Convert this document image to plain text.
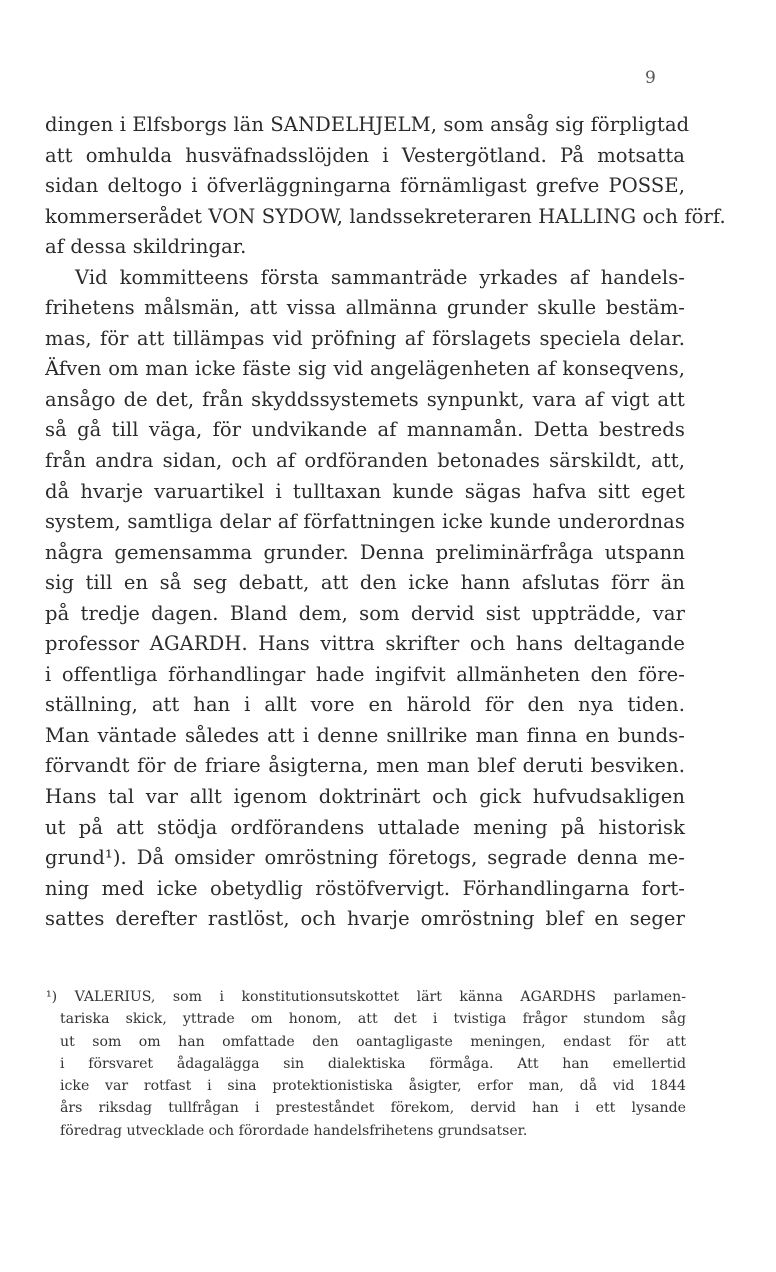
9
dingen i Elfsborgs län SANDELHJELM, som ansåg sig förpligtad
att omhulda husväfnadsslöjden i Vestergötland. På motsatta
sidan deltogo i öfverläggningarna förnämligast grefve POSSE,
kommerserådet VON SYDOW, landssekreteraren HALLING och förf.
af dessa skildringar.
Vid kommitteens första sammanträde yrkades af handels-
frihetens målsmän, att vissa allmänna grunder skulle bestäm-
mas, för att tillämpas vid pröfning af förslagets speciela delar.
Äfven om man icke fäste sig vid angelägenheten af konseqvens,
ansågo de det, från skyddssystemets synpunkt, vara af vigt att
så gå till väga, för undvikande af mannamån. Detta bestreds
från andra sidan, och af ordföranden betonades särskildt, att,
då hvarje varuartikel i tulltaxan kunde sägas hafva sitt eget
system, samtliga delar af författningen icke kunde underordnas
några gemensamma grunder. Denna preliminärfråga utspann
sig till en så seg debatt, att den icke hann afslutas förr än
på tredje dagen. Bland dem, som dervid sist uppträdde, var
professor AGARDH. Hans vittra skrifter och hans deltagande
i offentliga förhandlingar hade ingifvit allmänheten den före-
ställning, att han i allt vore en härold för den nya tiden.
Man väntade således att i denne snillrike man finna en bunds-
förvandt för de friare åsigterna, men man blef deruti besviken.
Hans tal var allt igenom doktrinärt och gick hufvudsakligen
ut på att stödja ordförandens uttalade mening på historisk
grund¹). Då omsider omröstning företogs, segrade denna me-
ning med icke obetydlig röstöfvervigt. Förhandlingarna fort-
sattes derefter rastlöst, och hvarje omröstning blef en seger
¹) VALERIUS, som i konstitutionsutskottet lärt känna AGARDHS parlamen-
tariska skick, yttrade om honom, att det i tvistiga frågor stundom såg
ut som om han omfattade den oantagligaste meningen, endast för att
i försvaret ådagalägga sin dialektiska förmåga. Att han emellertid
icke var rotfast i sina protektionistiska åsigter, erfor man, då vid 1844
års riksdag tullfrågan i presteståndet förekom, dervid han i ett lysande
föredrag utvecklade och förordade handelsfrihetens grundsatser.
